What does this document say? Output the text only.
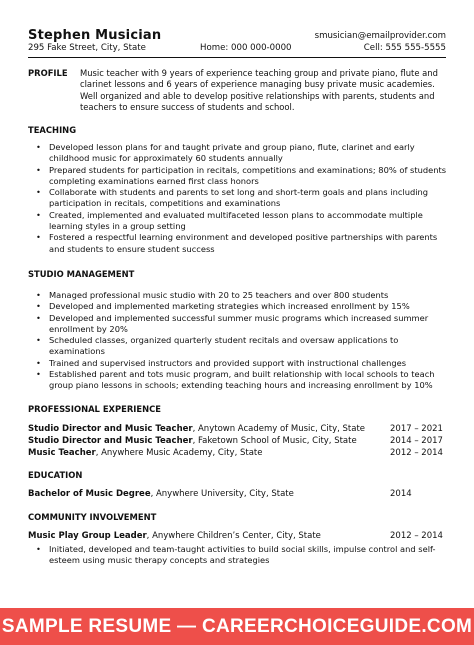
Stephen Musician	smusician@emailprovider.com
295 Fake Street, City, State	Home: 000 000-0000	Cell: 555 555-5555
PROFILE Music teacher with 9 years of experience teaching group and private piano, flute and clarinet lessons and 6 years of experience managing busy private music academies. Well organized and able to develop positive relationships with parents, students and teachers to ensure success of students and school.
TEACHING
• Developed lesson plans for and taught private and group piano, flute, clarinet and early childhood music for approximately 60 students annually
• Prepared students for participation in recitals, competitions and examinations; 80% of students completing examinations earned first class honors
• Collaborate with students and parents to set long and short-term goals and plans including participation in recitals, competitions and examinations
• Created, implemented and evaluated multifaceted lesson plans to accommodate multiple learning styles in a group setting
• Fostered a respectful learning environment and developed positive partnerships with parents and students to ensure student success
STUDIO MANAGEMENT
• Managed professional music studio with 20 to 25 teachers and over 800 students
• Developed and implemented marketing strategies which increased enrollment by 15%
• Developed and implemented successful summer music programs which increased summer enrollment by 20%
• Scheduled classes, organized quarterly student recitals and oversaw applications to examinations
• Trained and supervised instructors and provided support with instructional challenges
• Established parent and tots music program, and built relationship with local schools to teach group piano lessons in schools; extending teaching hours and increasing enrollment by 10%
PROFESSIONAL EXPERIENCE
Studio Director and Music Teacher, Anytown Academy of Music, City, State	2017 – 2021
Studio Director and Music Teacher, Faketown School of Music, City, State	2014 – 2017
Music Teacher, Anywhere Music Academy, City, State	2012 – 2014
EDUCATION
Bachelor of Music Degree, Anywhere University, City, State	2014
COMMUNITY INVOLVEMENT
Music Play Group Leader, Anywhere Children’s Center, City, State	2012 – 2014
• Initiated, developed and team-taught activities to build social skills, impulse control and self-esteem using music therapy concepts and strategies
SAMPLE RESUME — CAREERCHOICEGUIDE.COM
